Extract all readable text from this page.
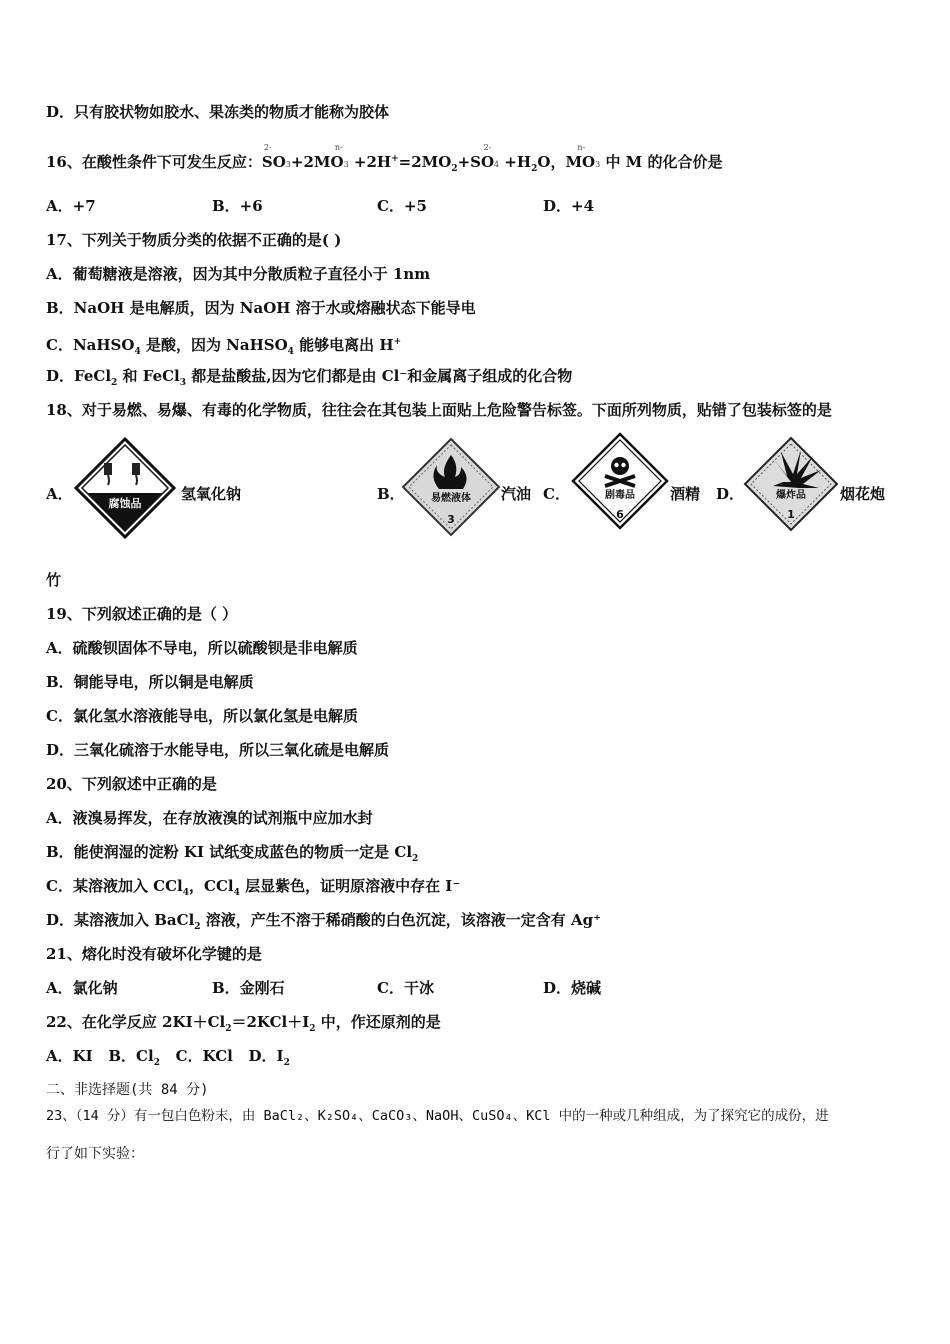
D．只有胶状物如胶水、果冻类的物质才能称为胶体
16、在酸性条件下可发生反应：SO
2-
3+2MO
n-
$3 +2H^+=2MO_2+SO$
2-
$4 +H_2O$，MO
n-
3 中 M 的化合价是
A．+7	B．+6	C．+5	D．+4
17、下列关于物质分类的依据不正确的是( )
A．葡萄糖液是溶液，因为其中分散质粒子直径小于 1nm
B．NaOH 是电解质，因为 NaOH 溶于水或熔融状态下能导电
C．NaHSO$_4$ 是酸，因为 NaHSO$_4$ 能够电离出 H+
D．FeCl$_2$ 和 FeCl$_3$ 都是盐酸盐,因为它们都是由 Cl⁻和金属离子组成的化合物
18、对于易燃、易爆、有毒的化学物质，往往会在其包装上面贴上危险警告标签。下面所列物质，贴错了包装标签的是
A．
腐蚀品
氢氧化钠	B．	易燃液体
3
汽油 C．	剧毒品
6
酒精 D．	爆炸品
1
烟花炮
竹
19、下列叙述正确的是（ ）
A．硫酸钡固体不导电，所以硫酸钡是非电解质
B．铜能导电，所以铜是电解质
C．氯化氢水溶液能导电，所以氯化氢是电解质
D．三氧化硫溶于水能导电，所以三氧化硫是电解质
20、下列叙述中正确的是
A．液溴易挥发，在存放液溴的试剂瓶中应加水封
B．能使润湿的淀粉 KI 试纸变成蓝色的物质一定是 $Cl_2$
C．某溶液加入 CCl$_4$，CCl$_4$ 层显紫色，证明原溶液中存在 I⁻
D．某溶液加入 BaCl$_2$ 溶液，产生不溶于稀硝酸的白色沉淀，该溶液一定含有 Ag⁺
21、熔化时没有破坏化学键的是
A．氯化钠	B．金刚石	C．干冰	D．烧碱
22、在化学反应 $2KI+Cl_2=2KCl+I_2$ 中，作还原剂的是
A．KI B．$Cl_2$ C．KCl D．$I_2$
二、非选择题(共 84 分)
23、（14 分）有一包白色粉末，由 BaCl₂、K₂SO₄、CaCO₃、NaOH、CuSO₄、KCl 中的一种或几种组成，为了探究它的成份，进
行了如下实验：
